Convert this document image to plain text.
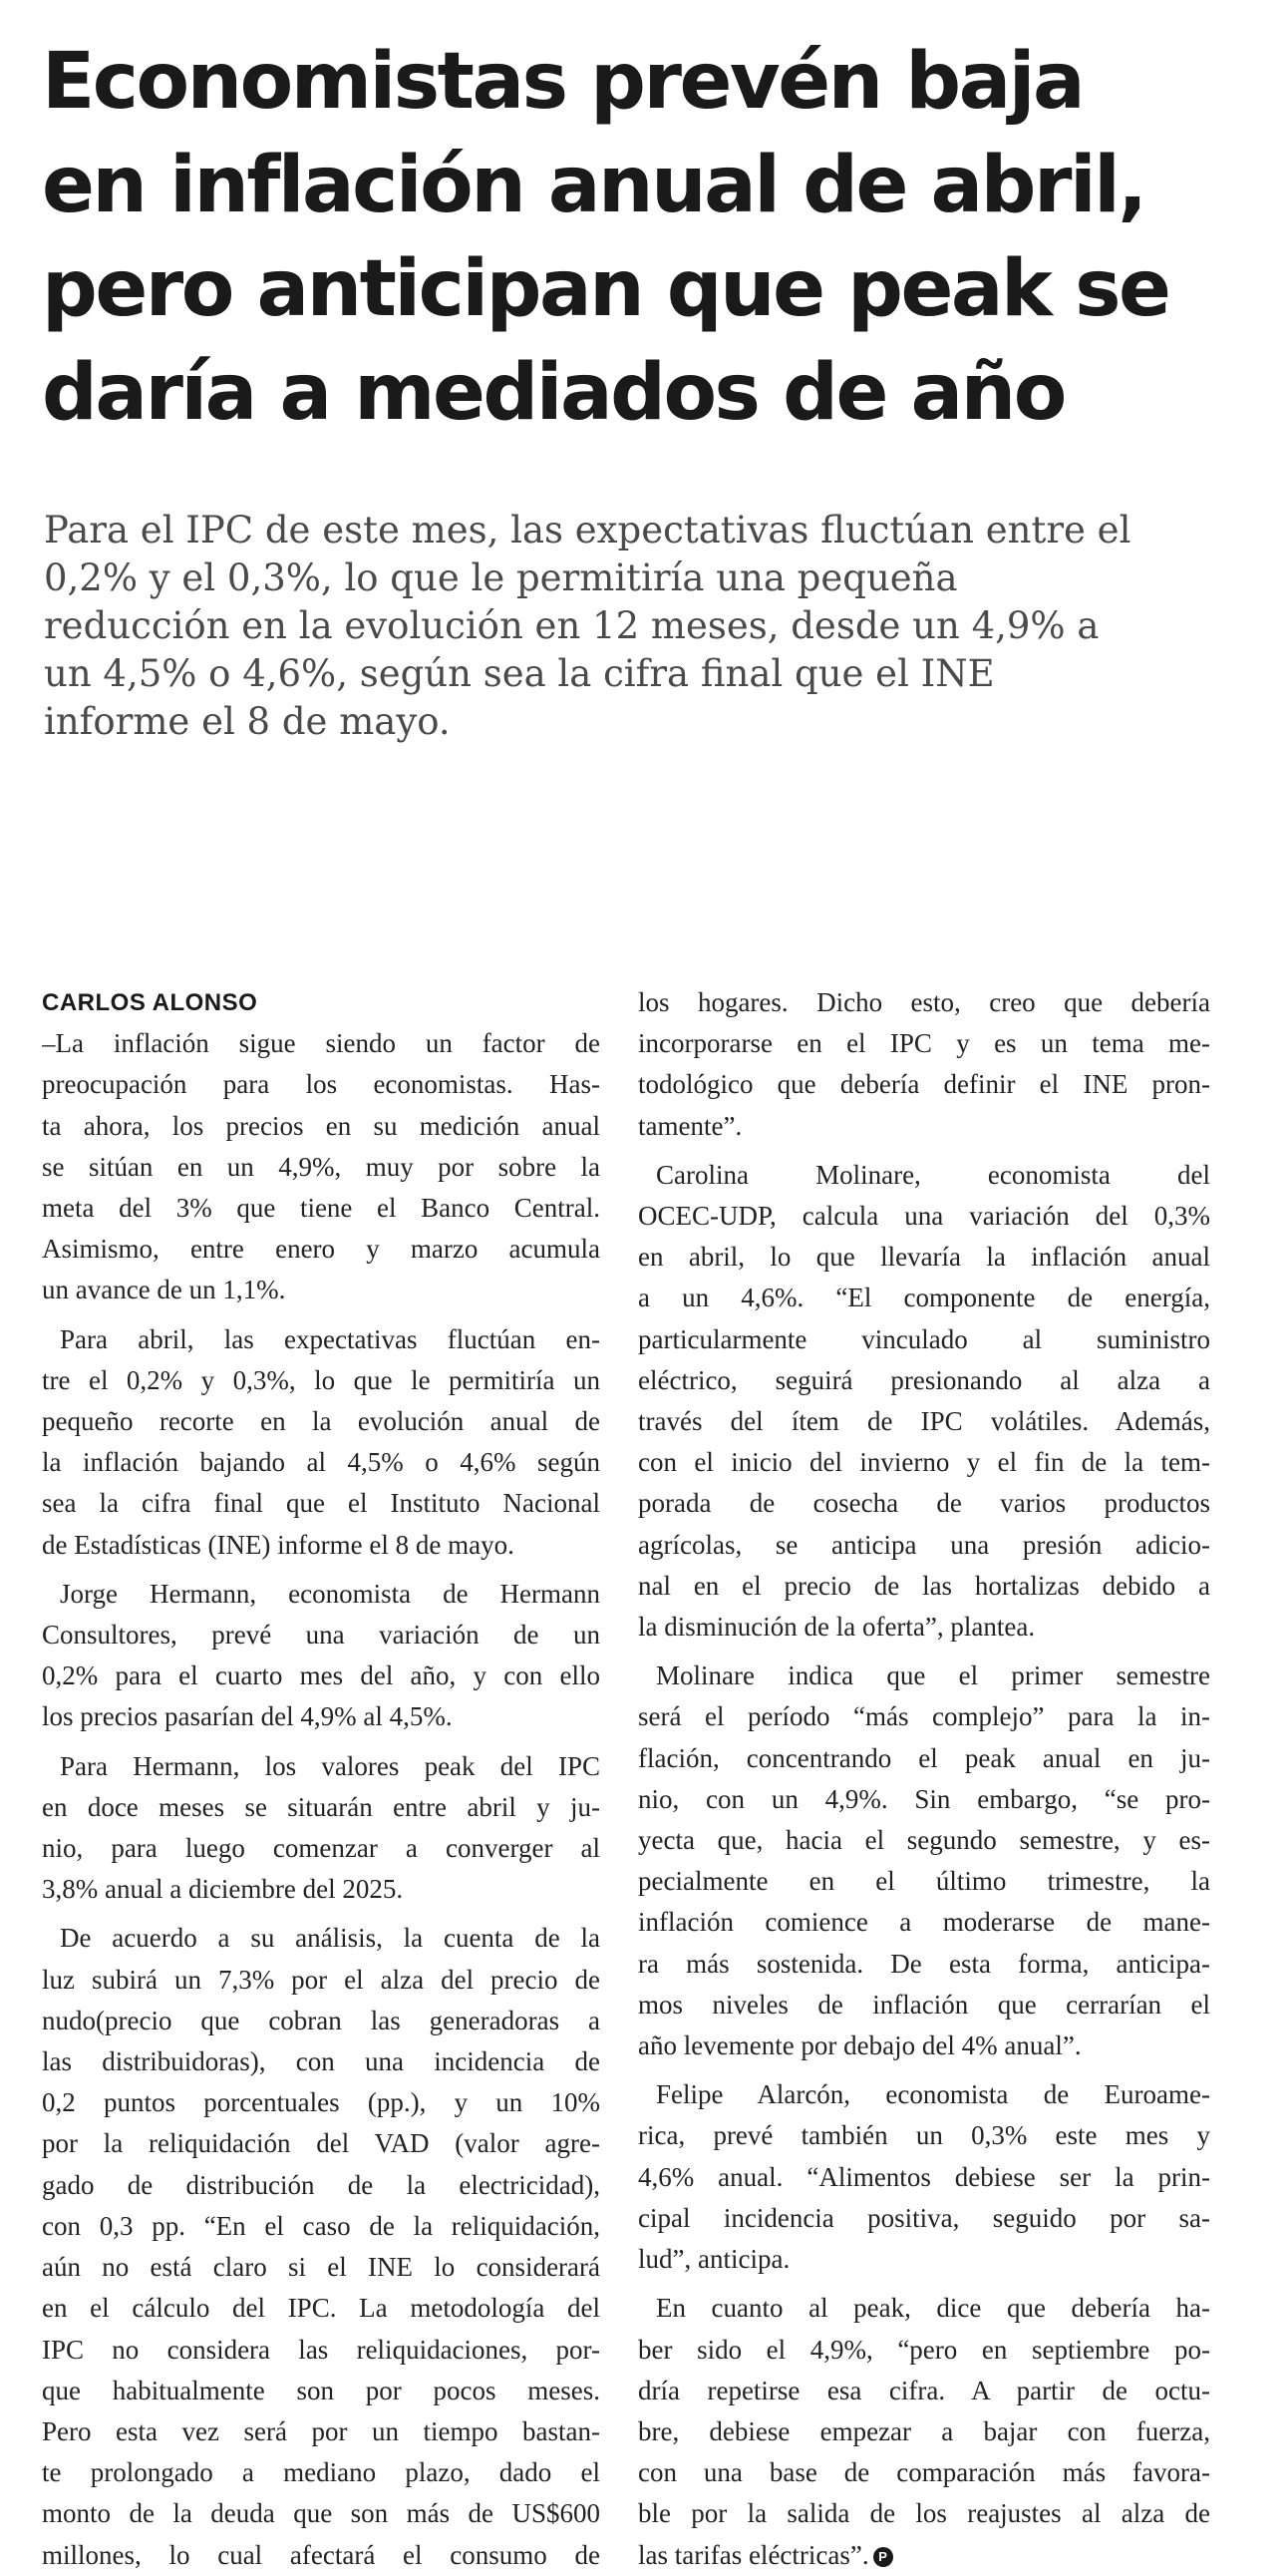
Economistas prevén baja
en inflación anual de abril,
pero anticipan que peak se
daría a mediados de año
Para el IPC de este mes, las expectativas fluctúan entre el
0,2% y el 0,3%, lo que le permitiría una pequeña
reducción en la evolución en 12 meses, desde un 4,9% a
un 4,5% o 4,6%, según sea la cifra final que el INE
informe el 8 de mayo.
CARLOS ALONSO
–La inflación sigue siendo un factor de
preocupación para los economistas. Has-
ta ahora, los precios en su medición anual
se sitúan en un 4,9%, muy por sobre la
meta del 3% que tiene el Banco Central.
Asimismo, entre enero y marzo acumula
un avance de un 1,1%.
Para abril, las expectativas fluctúan en-
tre el 0,2% y 0,3%, lo que le permitiría un
pequeño recorte en la evolución anual de
la inflación bajando al 4,5% o 4,6% según
sea la cifra final que el Instituto Nacional
de Estadísticas (INE) informe el 8 de mayo.
Jorge Hermann, economista de Hermann
Consultores, prevé una variación de un
0,2% para el cuarto mes del año, y con ello
los precios pasarían del 4,9% al 4,5%.
Para Hermann, los valores peak del IPC
en doce meses se situarán entre abril y ju-
nio, para luego comenzar a converger al
3,8% anual a diciembre del 2025.
De acuerdo a su análisis, la cuenta de la
luz subirá un 7,3% por el alza del precio de
nudo(precio que cobran las generadoras a
las distribuidoras), con una incidencia de
0,2 puntos porcentuales (pp.), y un 10%
por la reliquidación del VAD (valor agre-
gado de distribución de la electricidad),
con 0,3 pp. “En el caso de la reliquidación,
aún no está claro si el INE lo considerará
en el cálculo del IPC. La metodología del
IPC no considera las reliquidaciones, por-
que habitualmente son por pocos meses.
Pero esta vez será por un tiempo bastan-
te prolongado a mediano plazo, dado el
monto de la deuda que son más de US$600
millones, lo cual afectará el consumo de
los hogares. Dicho esto, creo que debería
incorporarse en el IPC y es un tema me-
todológico que debería definir el INE pron-
tamente”.
Carolina Molinare, economista del
OCEC-UDP, calcula una variación del 0,3%
en abril, lo que llevaría la inflación anual
a un 4,6%. “El componente de energía,
particularmente vinculado al suministro
eléctrico, seguirá presionando al alza a
través del ítem de IPC volátiles. Además,
con el inicio del invierno y el fin de la tem-
porada de cosecha de varios productos
agrícolas, se anticipa una presión adicio-
nal en el precio de las hortalizas debido a
la disminución de la oferta”, plantea.
Molinare indica que el primer semestre
será el período “más complejo” para la in-
flación, concentrando el peak anual en ju-
nio, con un 4,9%. Sin embargo, “se pro-
yecta que, hacia el segundo semestre, y es-
pecialmente en el último trimestre, la
inflación comience a moderarse de mane-
ra más sostenida. De esta forma, anticipa-
mos niveles de inflación que cerrarían el
año levemente por debajo del 4% anual”.
Felipe Alarcón, economista de Euroame-
rica, prevé también un 0,3% este mes y
4,6% anual. “Alimentos debiese ser la prin-
cipal incidencia positiva, seguido por sa-
lud”, anticipa.
En cuanto al peak, dice que debería ha-
ber sido el 4,9%, “pero en septiembre po-
dría repetirse esa cifra. A partir de octu-
bre, debiese empezar a bajar con fuerza,
con una base de comparación más favora-
ble por la salida de los reajustes al alza de
las tarifas eléctricas”. P
